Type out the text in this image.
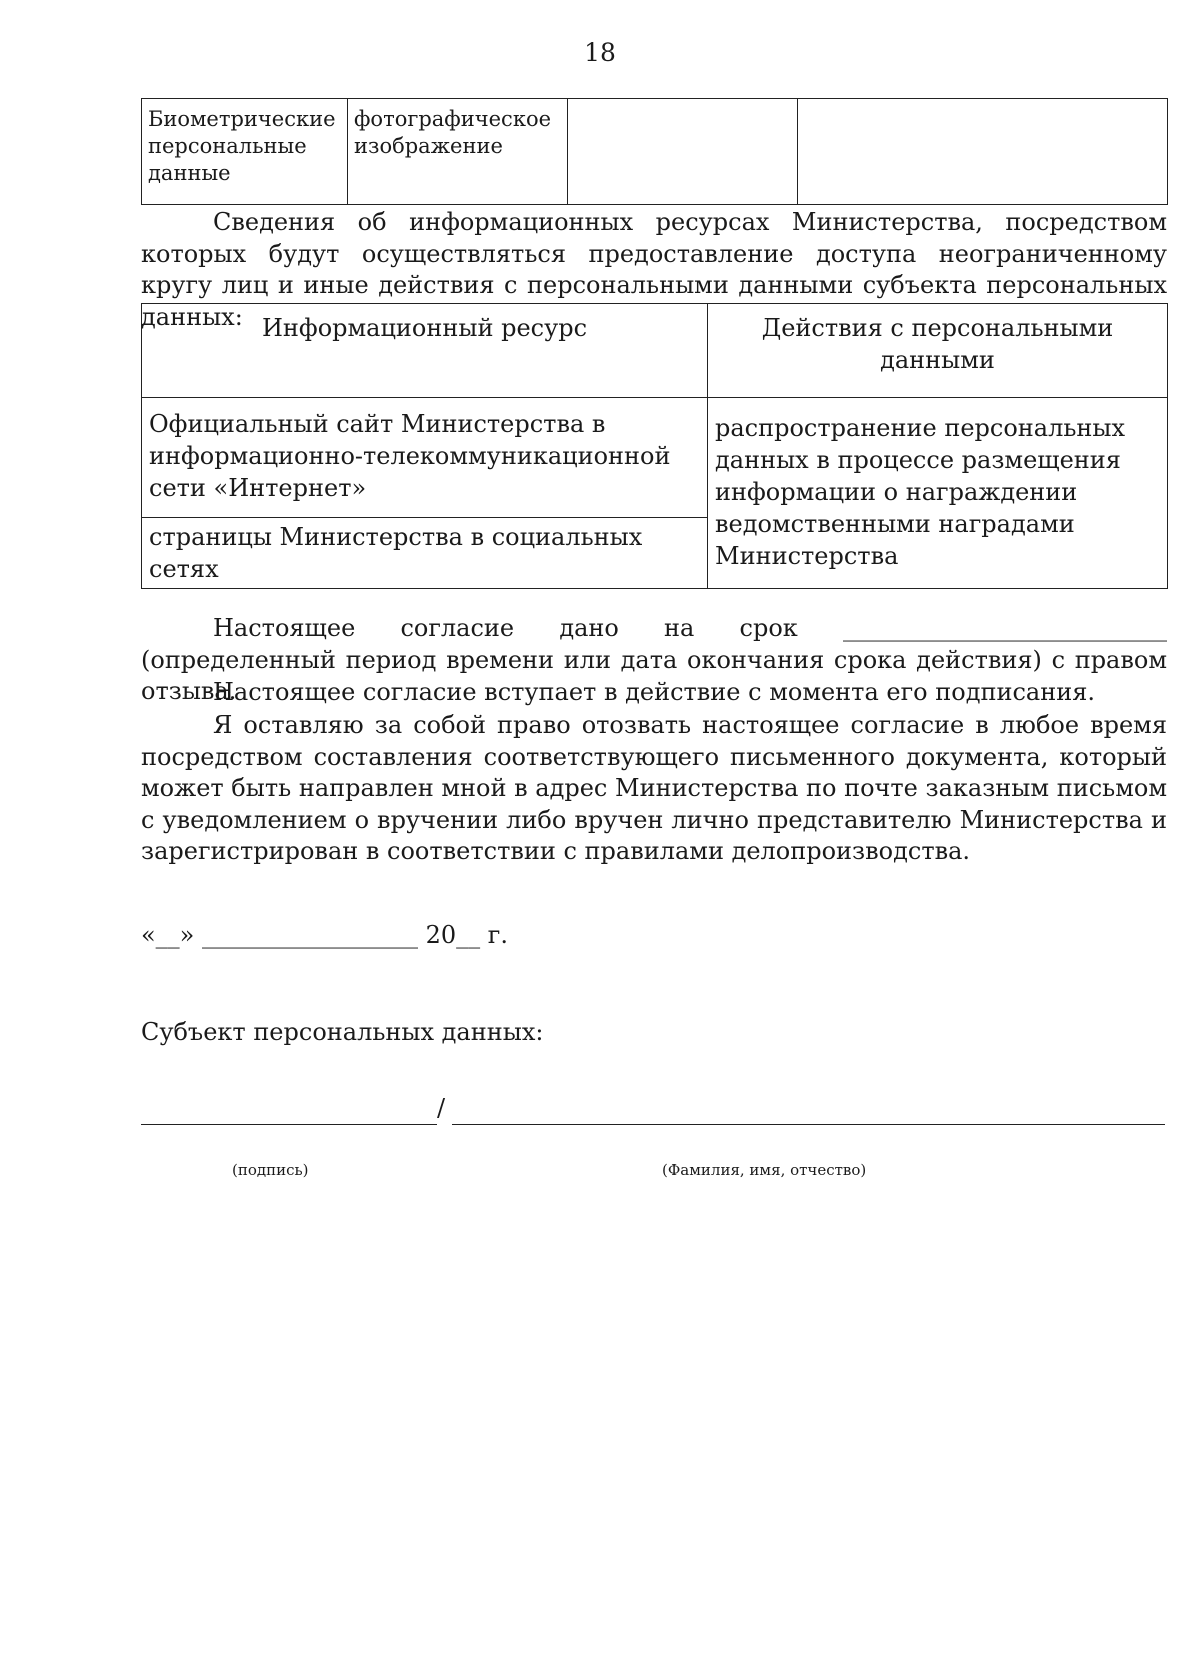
18
Биометрические персональные данные	фотографическое изображение		

Сведения об информационных ресурсах Министерства, посредством которых будут осуществляться предоставление доступа неограниченному кругу лиц и иные действия с персональными данными субъекта персональных данных: Информационный ресурс	Действия с персональными данными
Официальный сайт Министерства в информационно-телекоммуникационной сети «Интернет»	распространение персональных данных в процессе размещения информации о награждении ведомственными наградами Министерства
страницы Министерства в социальных сетях	

Настоящее согласие дано на срок ___________________________ (определенный период времени или дата окончания срока действия) с правом отзыва.

Настоящее согласие вступает в действие с момента его подписания.

Я оставляю за собой право отозвать настоящее согласие в любое время посредством составления соответствующего письменного документа, который может быть направлен мной в адрес Министерства по почте заказным письмом с уведомлением о вручении либо вручен лично представителю Министерства и зарегистрирован в соответствии с правилами делопроизводства.

«__» __________________ 20__ г.

Субъект персональных данных:

/
(подпись)	(Фамилия, имя, отчество)
